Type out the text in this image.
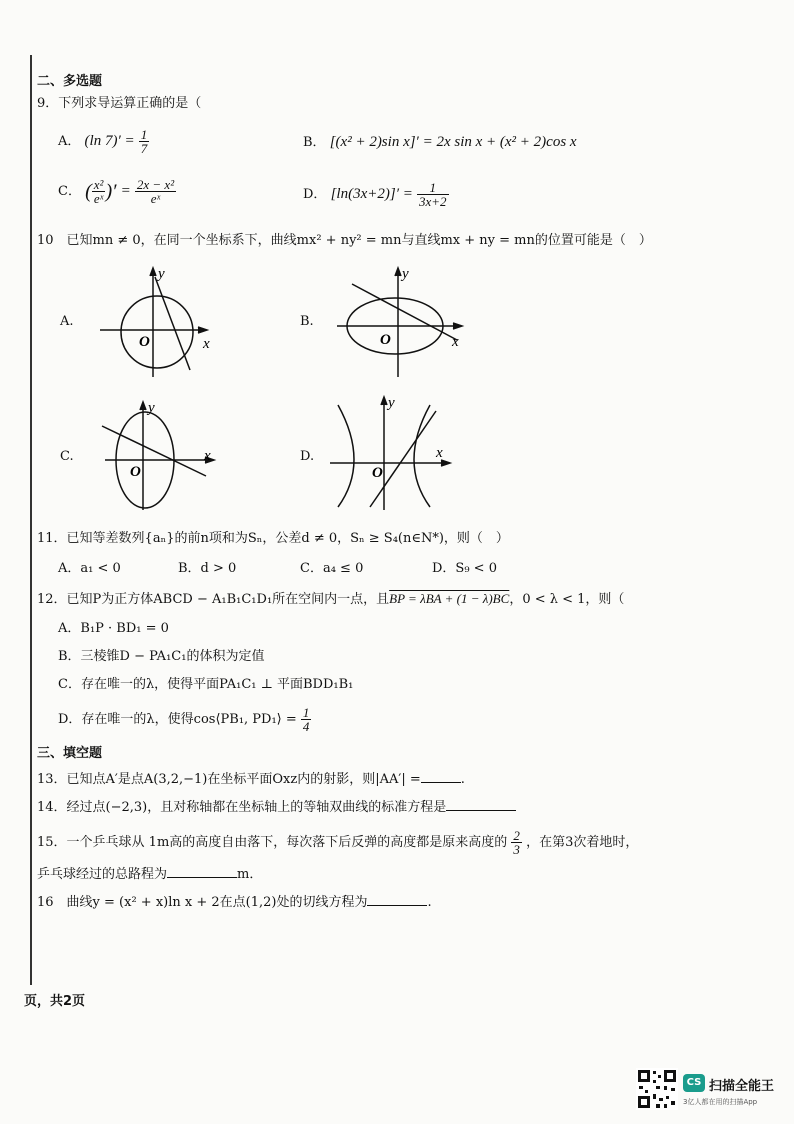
二、多选题
9．下列求导运算正确的是（
A． (ln $7)' = \frac{1}{7}$	B． [(x² + 2)sin x]′ = 2x sin x + (x² + 2)cos x
C． ( $\frac{\text{x²}}{\text{eˣ}}$ )′ = $\frac{\text{2x − x²}}{\text{eˣ}}$	D． $[\ln(3x+2)]' = \frac{1}{3x+2}$
10　已知mn ≠ 0，在同一个坐标系下，曲线mx² + ny² = mn与直线mx + ny = mn的位置可能是（　）
A.	B.
C.	D.
y
x
O
y
x
O
y
x
O
y
x
O
11．已知等差数列{aₙ}的前n项和为Sₙ，公差d ≠ 0，Sₙ ≥ S₄(n∈N*)，则（　）
A．a₁ < 0	B．d > 0	C．a₄ ≤ 0	D．S₉ < 0
12．已知P为正方体ABCD − A₁B₁C₁D₁所在空间内一点，且BP = λBA + (1 − λ)BC，0 < λ < 1，则（
A．B₁P · BD₁ = 0
B．三棱锥D − PA₁C₁的体积为定值
C．存在唯一的λ，使得平面PA₁C₁ ⊥ 平面BDD₁B₁
D．存在唯一的λ，使得cos⟨PB₁, PD₁⟩ = $\frac{1}{4}$
三、填空题
13．已知点A′是点A(3,2,−1)在坐标平面Oxz内的射影，则|AA′| =	.
14．经过点(−2,3)，且对称轴都在坐标轴上的等轴双曲线的标准方程是
15．一个乒乓球从 1m高的高度自由落下，每次落下后反弹的高度都是原来高度的 $\frac{2}{3}$ ，在第3次着地时，
乒乓球经过的总路程为	m．
16　曲线y = (x² + x)ln x + 2在点(1,2)处的切线方程为	.
页，共2页
CS 扫描全能王
3亿人都在用的扫描App
